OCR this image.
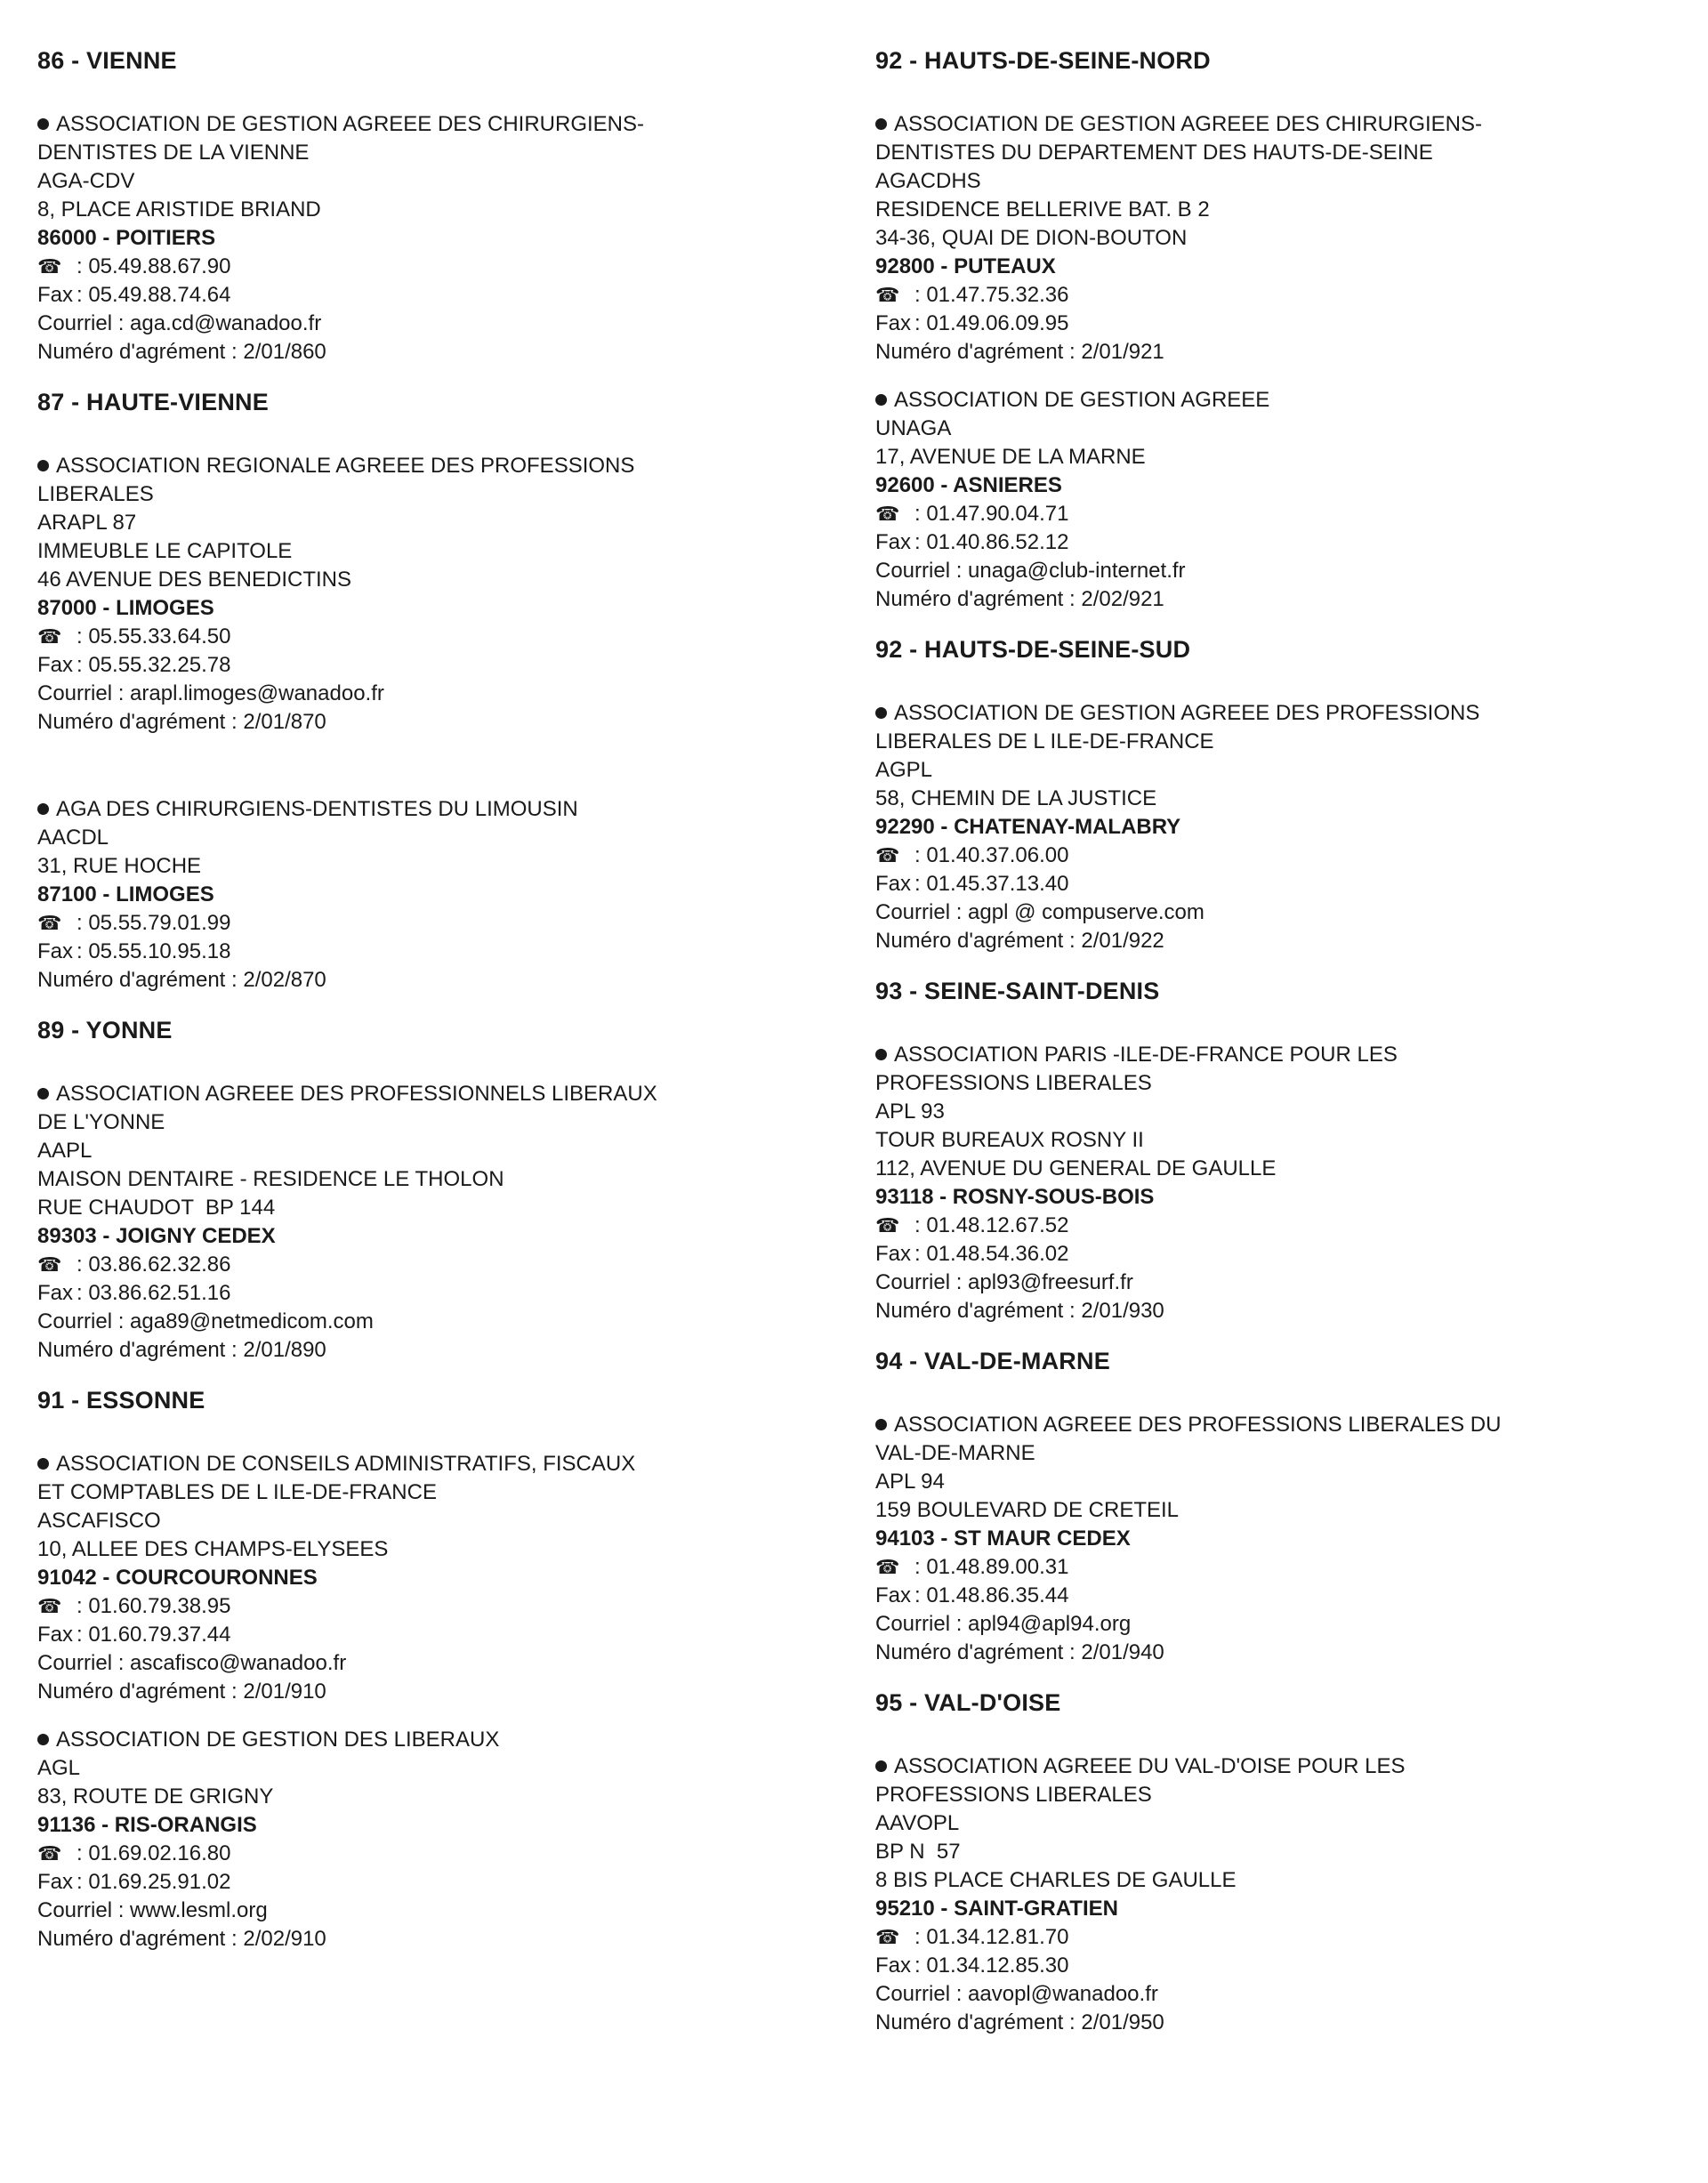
86 - VIENNE
ASSOCIATION DE GESTION AGREEE DES CHIRURGIENS-
DENTISTES DE LA VIENNE
AGA-CDV
8, PLACE ARISTIDE BRIAND
86000 - POITIERS
☎ : 05.49.88.67.90
Fax : 05.49.88.74.64
Courriel : aga.cd@wanadoo.fr
Numéro d'agrément : 2/01/860
87 - HAUTE-VIENNE
ASSOCIATION REGIONALE AGREEE DES PROFESSIONS
LIBERALES
ARAPL 87
IMMEUBLE LE CAPITOLE
46 AVENUE DES BENEDICTINS
87000 - LIMOGES
☎ : 05.55.33.64.50
Fax : 05.55.32.25.78
Courriel : arapl.limoges@wanadoo.fr
Numéro d'agrément : 2/01/870
AGA DES CHIRURGIENS-DENTISTES DU LIMOUSIN
AACDL
31, RUE HOCHE
87100 - LIMOGES
☎ : 05.55.79.01.99
Fax : 05.55.10.95.18
Numéro d'agrément : 2/02/870
89 - YONNE
ASSOCIATION AGREEE DES PROFESSIONNELS LIBERAUX
DE L'YONNE
AAPL
MAISON DENTAIRE - RESIDENCE LE THOLON
RUE CHAUDOT  BP 144
89303 - JOIGNY CEDEX
☎ : 03.86.62.32.86
Fax : 03.86.62.51.16
Courriel : aga89@netmedicom.com
Numéro d'agrément : 2/01/890
91 - ESSONNE
ASSOCIATION DE CONSEILS ADMINISTRATIFS, FISCAUX
ET COMPTABLES DE L ILE-DE-FRANCE
ASCAFISCO
10, ALLEE DES CHAMPS-ELYSEES
91042 - COURCOURONNES
☎ : 01.60.79.38.95
Fax : 01.60.79.37.44
Courriel : ascafisco@wanadoo.fr
Numéro d'agrément : 2/01/910
ASSOCIATION DE GESTION DES LIBERAUX
AGL
83, ROUTE DE GRIGNY
91136 - RIS-ORANGIS
☎ : 01.69.02.16.80
Fax : 01.69.25.91.02
Courriel : www.lesml.org
Numéro d'agrément : 2/02/910
92 - HAUTS-DE-SEINE-NORD
ASSOCIATION DE GESTION AGREEE DES CHIRURGIENS-
DENTISTES DU DEPARTEMENT DES HAUTS-DE-SEINE
AGACDHS
RESIDENCE BELLERIVE BAT. B 2
34-36, QUAI DE DION-BOUTON
92800 - PUTEAUX
☎ : 01.47.75.32.36
Fax : 01.49.06.09.95
Numéro d'agrément : 2/01/921
ASSOCIATION DE GESTION AGREEE
UNAGA
17, AVENUE DE LA MARNE
92600 - ASNIERES
☎ : 01.47.90.04.71
Fax : 01.40.86.52.12
Courriel : unaga@club-internet.fr
Numéro d'agrément : 2/02/921
92 - HAUTS-DE-SEINE-SUD
ASSOCIATION DE GESTION AGREEE DES PROFESSIONS
LIBERALES DE L ILE-DE-FRANCE
AGPL
58, CHEMIN DE LA JUSTICE
92290 - CHATENAY-MALABRY
☎ : 01.40.37.06.00
Fax : 01.45.37.13.40
Courriel : agpl @ compuserve.com
Numéro d'agrément : 2/01/922
93 - SEINE-SAINT-DENIS
ASSOCIATION PARIS -ILE-DE-FRANCE POUR LES
PROFESSIONS LIBERALES
APL 93
TOUR BUREAUX ROSNY II
112, AVENUE DU GENERAL DE GAULLE
93118 - ROSNY-SOUS-BOIS
☎ : 01.48.12.67.52
Fax : 01.48.54.36.02
Courriel : apl93@freesurf.fr
Numéro d'agrément : 2/01/930
94 - VAL-DE-MARNE
ASSOCIATION AGREEE DES PROFESSIONS LIBERALES DU
VAL-DE-MARNE
APL 94
159 BOULEVARD DE CRETEIL
94103 - ST MAUR CEDEX
☎ : 01.48.89.00.31
Fax : 01.48.86.35.44
Courriel : apl94@apl94.org
Numéro d'agrément : 2/01/940
95 - VAL-D'OISE
ASSOCIATION AGREEE DU VAL-D'OISE POUR LES
PROFESSIONS LIBERALES
AAVOPL
BP N  57
8 BIS PLACE CHARLES DE GAULLE
95210 - SAINT-GRATIEN
☎ : 01.34.12.81.70
Fax : 01.34.12.85.30
Courriel : aavopl@wanadoo.fr
Numéro d'agrément : 2/01/950
